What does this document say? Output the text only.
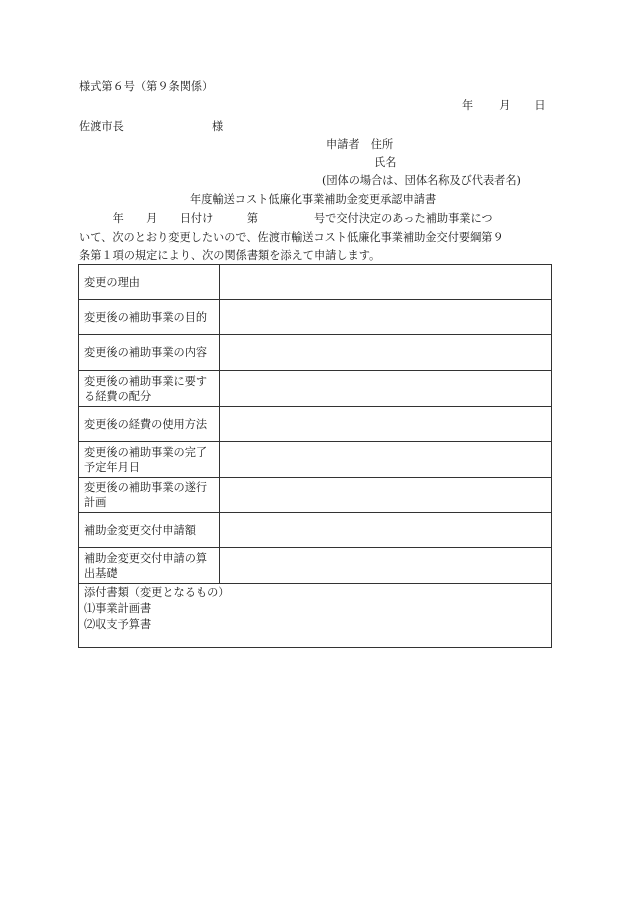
様式第６号（第９条関係）
年 月 日
佐渡市長	様
申請者　住所
氏名
(団体の場合は、団体名称及び代表者名)
年度輸送コスト低廉化事業補助金変更承認申請書
　　　年　　月　　日付け　　　第　　　　　号で交付決定のあった補助事業につ
いて、次のとおり変更したいので、佐渡市輸送コスト低廉化事業補助金交付要綱第９
条第１項の規定により、次の関係書類を添えて申請します。
変更の理由	
変更後の補助事業の目的	
変更後の補助事業の内容	
変更後の補助事業に要する経費の配分	
変更後の経費の使用方法	
変更後の補助事業の完了予定年月日	
変更後の補助事業の遂行計画	
補助金変更交付申請額	
補助金変更交付申請の算出基礎	

添付書類（変更となるもの）
⑴事業計画書
⑵収支予算書	
